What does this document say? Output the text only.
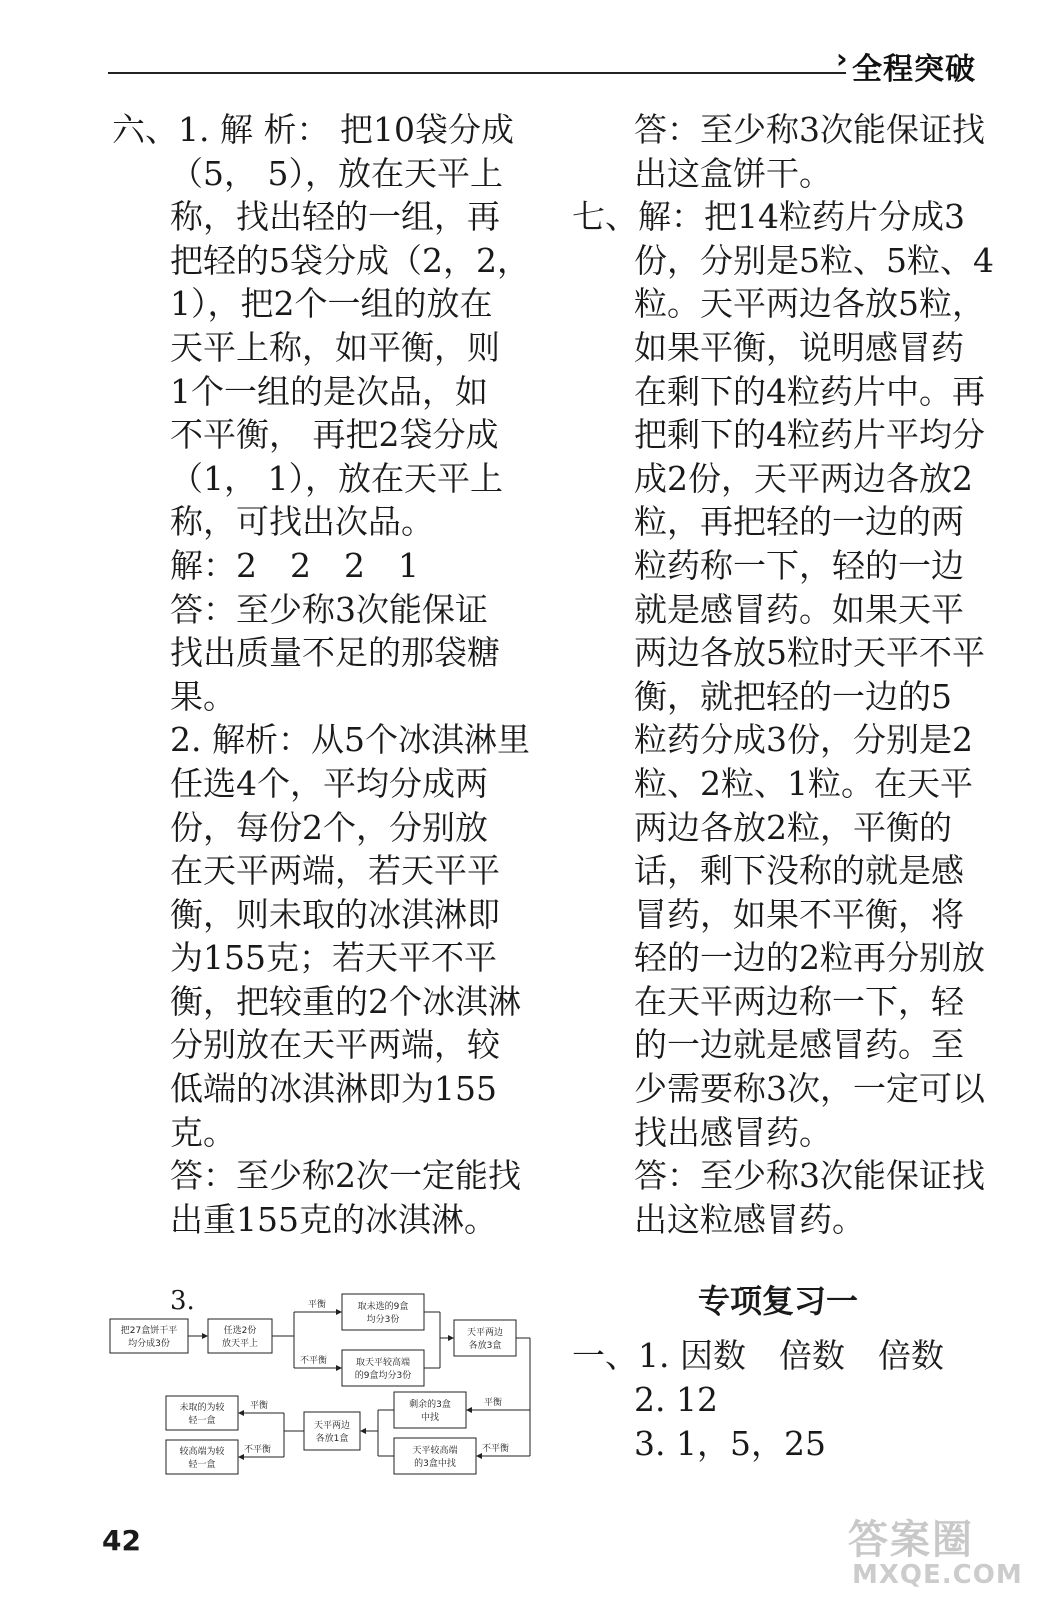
› 全程突破

六、1. 解 析： 把10袋分成

（5， 5），放在天平上

称，找出轻的一组，再

把轻的5袋分成（2，2，

1），把2个一组的放在

天平上称，如平衡，则

1个一组的是次品，如

不平衡， 再把2袋分成

（1， 1），放在天平上

称，可找出次品。

解：2　2　2　1

答：至少称3次能保证

找出质量不足的那袋糖

果。

2. 解析：从5个冰淇淋里

任选4个，平均分成两

份，每份2个，分别放

在天平两端，若天平平

衡，则未取的冰淇淋即

为155克；若天平不平

衡，把较重的2个冰淇淋

分别放在天平两端，较

低端的冰淇淋即为155

克。

答：至少称2次一定能找

出重155克的冰淇淋。

3.
把27盒饼干平
均分成3份
任选2份
放天平上
取未选的9盒
均分3份
取天平较高端
的9盒均分3份
天平两边
各放3盒
剩余的3盒
中找
天平较高端
的3盒中找
天平两边
各放1盒
未取的为较
轻一盒
较高端为较
轻一盒
平衡
不平衡
平衡
不平衡
平衡
不平衡

答：至少称3次能保证找

出这盒饼干。

七、解：把14粒药片分成3

份，分别是5粒、5粒、4

粒。天平两边各放5粒，

如果平衡，说明感冒药

在剩下的4粒药片中。再

把剩下的4粒药片平均分

成2份，天平两边各放2

粒，再把轻的一边的两

粒药称一下，轻的一边

就是感冒药。如果天平

两边各放5粒时天平不平

衡，就把轻的一边的5

粒药分成3份，分别是2

粒、2粒、1粒。在天平

两边各放2粒，平衡的

话，剩下没称的就是感

冒药，如果不平衡，将

轻的一边的2粒再分别放

在天平两边称一下，轻

的一边就是感冒药。至

少需要称3次，一定可以

找出感冒药。

答：至少称3次能保证找

出这粒感冒药。

专项复习一

一、1. 因数　倍数　倍数

2. 12

3. 1，5，25

42	答案圈
MXQE.COM
